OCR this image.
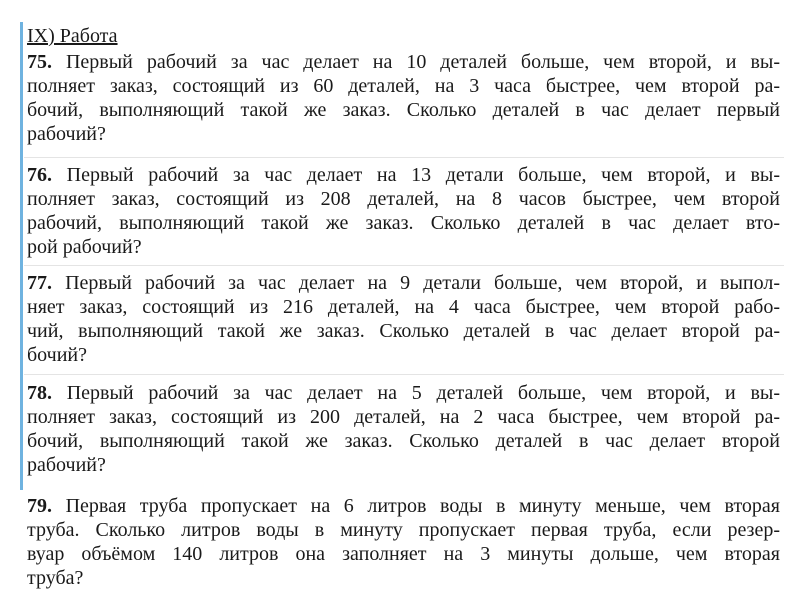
IX) Работа
75. Первый рабочий за час делает на 10 деталей больше, чем второй, и вы-
полняет заказ, состоящий из 60 деталей, на 3 часа быстрее, чем второй ра-
бочий, выполняющий такой же заказ. Сколько деталей в час делает первый
рабочий?
76. Первый рабочий за час делает на 13 детали больше, чем второй, и вы-
полняет заказ, состоящий из 208 деталей, на 8 часов быстрее, чем второй
рабочий, выполняющий такой же заказ. Сколько деталей в час делает вто-
рой рабочий?
77. Первый рабочий за час делает на 9 детали больше, чем второй, и выпол-
няет заказ, состоящий из 216 деталей, на 4 часа быстрее, чем второй рабо-
чий, выполняющий такой же заказ. Сколько деталей в час делает второй ра-
бочий?
78. Первый рабочий за час делает на 5 деталей больше, чем второй, и вы-
полняет заказ, состоящий из 200 деталей, на 2 часа быстрее, чем второй ра-
бочий, выполняющий такой же заказ. Сколько деталей в час делает второй
рабочий?
79. Первая труба пропускает на 6 литров воды в минуту меньше, чем вторая
труба. Сколько литров воды в минуту пропускает первая труба, если резер-
вуар объёмом 140 литров она заполняет на 3 минуты дольше, чем вторая
труба?
